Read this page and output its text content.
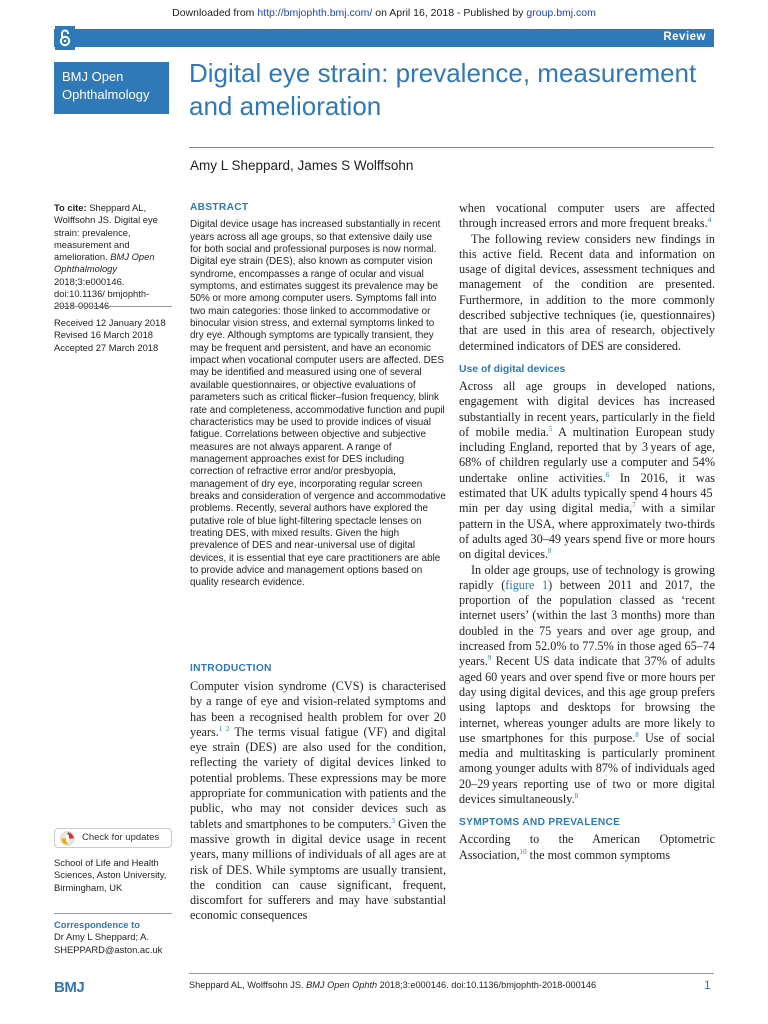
Downloaded from http://bmjophth.bmj.com/ on April 16, 2018 - Published by group.bmj.com
Review
BMJ Open Ophthalmology
Digital eye strain: prevalence, measurement and amelioration
Amy L Sheppard, James S Wolffsohn
To cite: Sheppard AL, Wolffsohn JS. Digital eye strain: prevalence, measurement and amelioration. BMJ Open Ophthalmology 2018;3:e000146. doi:10.1136/ bmjophth-2018-000146
Received 12 January 2018
Revised 16 March 2018
Accepted 27 March 2018
Check for updates
School of Life and Health Sciences, Aston University, Birmingham, UK
Correspondence to
Dr Amy L Sheppard; A.
SHEPPARD@aston.ac.uk
ABSTRACT
Digital device usage has increased substantially in recent years across all age groups, so that extensive daily use for both social and professional purposes is now normal. Digital eye strain (DES), also known as computer vision syndrome, encompasses a range of ocular and visual symptoms, and estimates suggest its prevalence may be 50% or more among computer users. Symptoms fall into two main categories: those linked to accommodative or binocular vision stress, and external symptoms linked to dry eye. Although symptoms are typically transient, they may be frequent and persistent, and have an economic impact when vocational computer users are affected. DES may be identified and measured using one of several available questionnaires, or objective evaluations of parameters such as critical flicker–fusion frequency, blink rate and completeness, accommodative function and pupil characteristics may be used to provide indices of visual fatigue. Correlations between objective and subjective measures are not always apparent. A range of management approaches exist for DES including correction of refractive error and/or presbyopia, management of dry eye, incorporating regular screen breaks and consideration of vergence and accommodative problems. Recently, several authors have explored the putative role of blue light-filtering spectacle lenses on treating DES, with mixed results. Given the high prevalence of DES and near-universal use of digital devices, it is essential that eye care practitioners are able to provide advice and management options based on quality research evidence.
INTRODUCTION

Computer vision syndrome (CVS) is characterised by a range of eye and vision-related symptoms and has been a recognised health problem for over 20 years.$^{1 2}$ The terms visual fatigue (VF) and digital eye strain (DES) are also used for the condition, reflecting the variety of digital devices linked to potential problems. These expressions may be more appropriate for communication with patients and the public, who may not consider devices such as tablets and smartphones to be computers.$^3$ Given the massive growth in digital device usage in recent years, many millions of individuals of all ages are at risk of DES. While symptoms are usually transient, the condition can cause significant, frequent, discomfort for sufferers and may have substantial economic consequences

when vocational computer users are affected through increased errors and more frequent breaks.$^4$

The following review considers new findings in this active field. Recent data and information on usage of digital devices, assessment techniques and management of the condition are presented. Furthermore, in addition to the more commonly described subjective techniques (ie, questionnaires) that are used in this area of research, objectively determined indicators of DES are considered.

Use of digital devices

Across all age groups in developed nations, engagement with digital devices has increased substantially in recent years, particularly in the field of mobile media.$^5$ A multination European study including England, reported that by 3 years of age, 68% of children regularly use a computer and 54% undertake online activities.$^6$ In 2016, it was estimated that UK adults typically spend 4 hours 45 min per day using digital media,$^7$ with a similar pattern in the USA, where approximately two-thirds of adults aged 30–49 years spend five or more hours on digital devices.$^8$

In older age groups, use of technology is growing rapidly (figure 1) between 2011 and 2017, the proportion of the population classed as ‘recent internet users’ (within the last 3 months) more than doubled in the 75 years and over age group, and increased from 52.0% to 77.5% in those aged 65–74 years.$^9$ Recent US data indicate that 37% of adults aged 60 years and over spend five or more hours per day using digital devices, and this age group prefers using laptops and desktops for browsing the internet, whereas younger adults are more likely to use smartphones for this purpose.$^8$ Use of social media and multitasking is particularly prominent among younger adults with 87% of individuals aged 20–29 years reporting use of two or more digital devices simultaneously.$^8$

SYMPTOMS AND PREVALENCE

According to the American Optometric Association,$^{10}$ the most common symptoms

BMJ	Sheppard AL, Wolffsohn JS. BMJ Open Ophth 2018;3:e000146. doi:10.1136/bmjophth-2018-000146	1
